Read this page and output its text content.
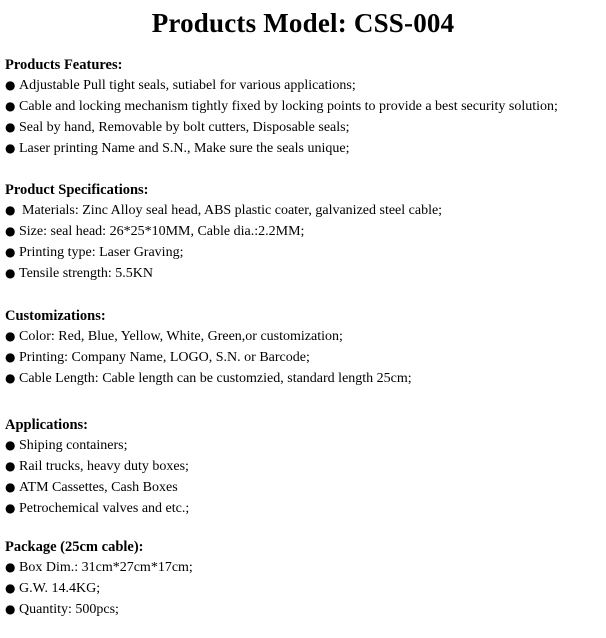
Products Model: CSS-004

Products Features:

● Adjustable Pull tight seals, sutiabel for various applications;

● Cable and locking mechanism tightly fixed by locking points to provide a best security solution;

● Seal by hand, Removable by bolt cutters, Disposable seals;

● Laser printing Name and S.N., Make sure the seals unique;

Product Specifications:

● Materials: Zinc Alloy seal head, ABS plastic coater, galvanized steel cable;

● Size: seal head: 26*25*10MM, Cable dia.:2.2MM;

● Printing type: Laser Graving;

● Tensile strength: 5.5KN

Customizations:

● Color: Red, Blue, Yellow, White, Green,or customization;

● Printing: Company Name, LOGO, S.N. or Barcode;

● Cable Length: Cable length can be customzied, standard length 25cm;

Applications:

● Shiping containers;

● Rail trucks, heavy duty boxes;

● ATM Cassettes, Cash Boxes

● Petrochemical valves and etc.;

Package (25cm cable):

● Box Dim.: 31cm*27cm*17cm;

● G.W. 14.4KG;

● Quantity: 500pcs;
